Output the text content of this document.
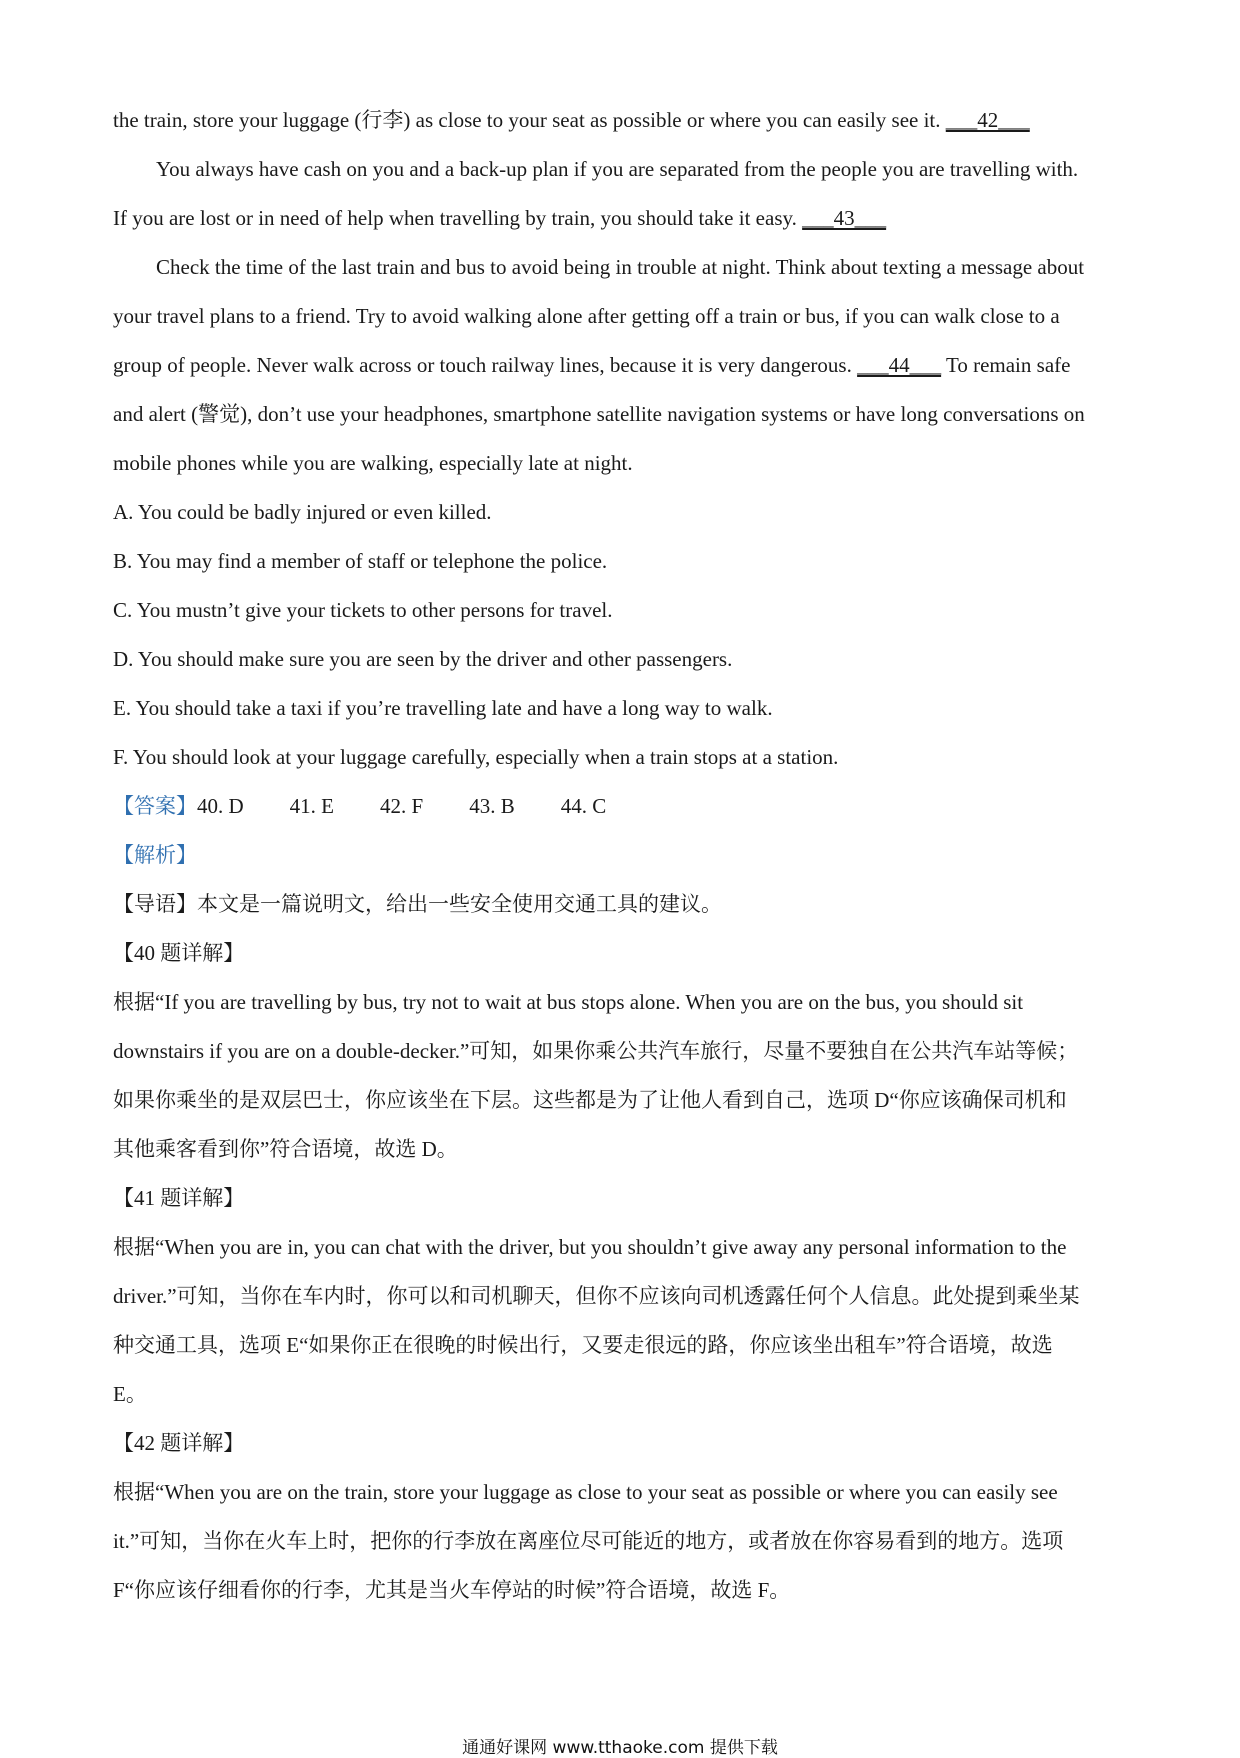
the train, store your luggage (行李) as close to your seat as possible or where you can easily see it. ___42___
You always have cash on you and a back-up plan if you are separated from the people you are travelling with.
If you are lost or in need of help when travelling by train, you should take it easy. ___43___
Check the time of the last train and bus to avoid being in trouble at night. Think about texting a message about
your travel plans to a friend. Try to avoid walking alone after getting off a train or bus, if you can walk close to a
group of people. Never walk across or touch railway lines, because it is very dangerous. ___44___ To remain safe
and alert (警觉), don’t use your headphones, smartphone satellite navigation systems or have long conversations on
mobile phones while you are walking, especially late at night.
A. You could be badly injured or even killed.
B. You may find a member of staff or telephone the police.
C. You mustn’t give your tickets to other persons for travel.
D. You should make sure you are seen by the driver and other passengers.
E. You should take a taxi if you’re travelling late and have a long way to walk.
F. You should look at your luggage carefully, especially when a train stops at a station.
【答案】40. D 41. E 42. F 43. B 44. C
【解析】
【导语】本文是一篇说明文，给出一些安全使用交通工具的建议。
【40 题详解】
根据“If you are travelling by bus, try not to wait at bus stops alone. When you are on the bus, you should sit
downstairs if you are on a double-decker.”可知，如果你乘公共汽车旅行，尽量不要独自在公共汽车站等候；
如果你乘坐的是双层巴士，你应该坐在下层。这些都是为了让他人看到自己，选项 D“你应该确保司机和
其他乘客看到你”符合语境，故选 D。
【41 题详解】
根据“When you are in, you can chat with the driver, but you shouldn’t give away any personal information to the
driver.”可知，当你在车内时，你可以和司机聊天，但你不应该向司机透露任何个人信息。此处提到乘坐某
种交通工具，选项 E“如果你正在很晚的时候出行，又要走很远的路，你应该坐出租车”符合语境，故选
E。
【42 题详解】
根据“When you are on the train, store your luggage as close to your seat as possible or where you can easily see
it.”可知，当你在火车上时，把你的行李放在离座位尽可能近的地方，或者放在你容易看到的地方。选项
F“你应该仔细看你的行李，尤其是当火车停站的时候”符合语境，故选 F。
通通好课网 www.tthaoke.com 提供下载
